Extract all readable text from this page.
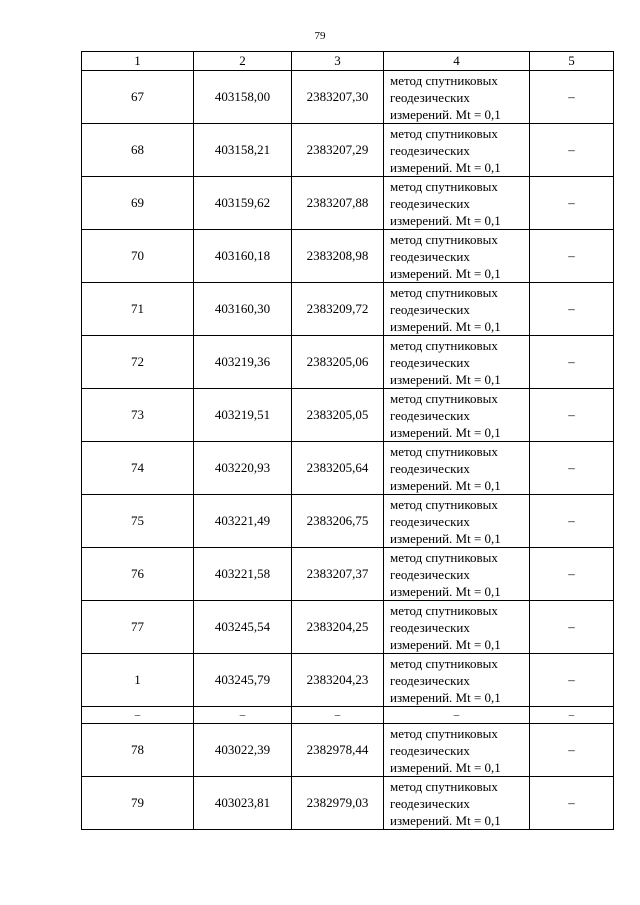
79
1	2	3	4	5
67	403158,00	2383207,30	метод спутниковых
геодезических
измерений. Mt = 0,1	–
68	403158,21	2383207,29	метод спутниковых
геодезических
измерений. Mt = 0,1	–
69	403159,62	2383207,88	метод спутниковых
геодезических
измерений. Mt = 0,1	–
70	403160,18	2383208,98	метод спутниковых
геодезических
измерений. Mt = 0,1	–
71	403160,30	2383209,72	метод спутниковых
геодезических
измерений. Mt = 0,1	–
72	403219,36	2383205,06	метод спутниковых
геодезических
измерений. Mt = 0,1	–
73	403219,51	2383205,05	метод спутниковых
геодезических
измерений. Mt = 0,1	–
74	403220,93	2383205,64	метод спутниковых
геодезических
измерений. Mt = 0,1	–
75	403221,49	2383206,75	метод спутниковых
геодезических
измерений. Mt = 0,1	–
76	403221,58	2383207,37	метод спутниковых
геодезических
измерений. Mt = 0,1	–
77	403245,54	2383204,25	метод спутниковых
геодезических
измерений. Mt = 0,1	–
1	403245,79	2383204,23	метод спутниковых
геодезических
измерений. Mt = 0,1	–
–	–	–	–	–
78	403022,39	2382978,44	метод спутниковых
геодезических
измерений. Mt = 0,1	–
79	403023,81	2382979,03	метод спутниковых
геодезических
измерений. Mt = 0,1	–
